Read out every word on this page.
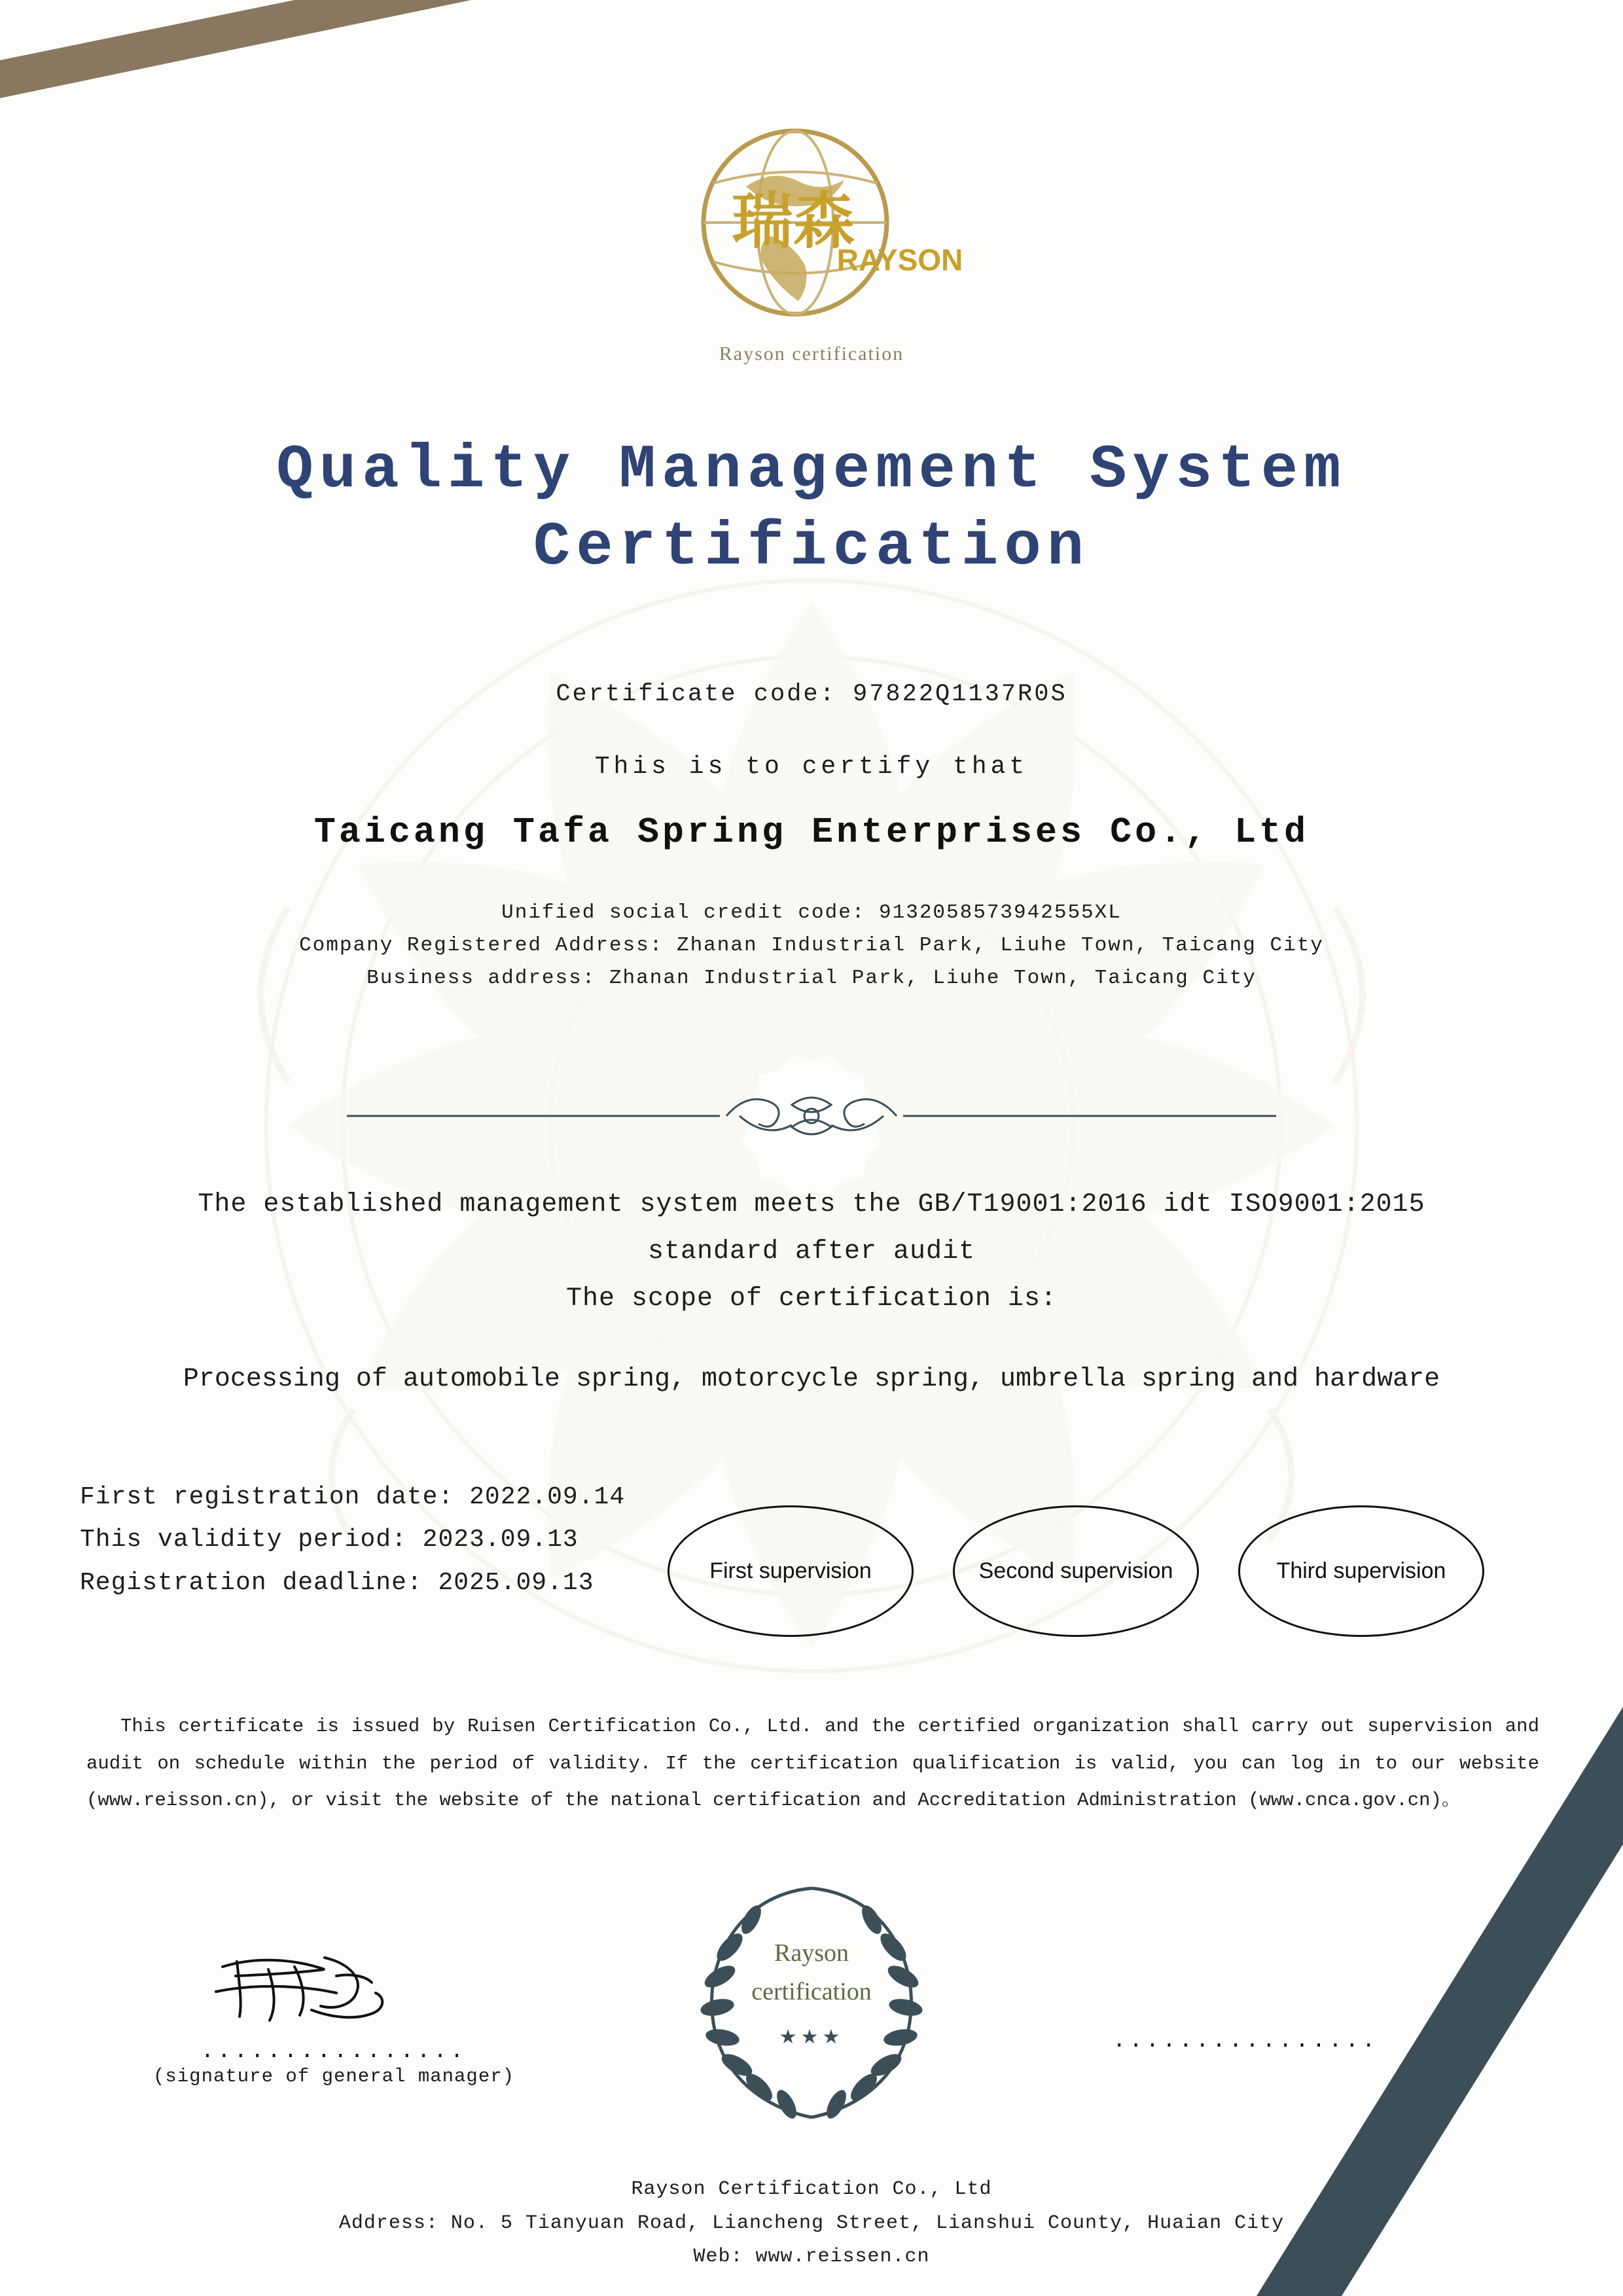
瑞森
RAYSON
Rayson certification
Quality Management System
Certification
Certificate code: 97822Q1137R0S
This is to certify that
Taicang Tafa Spring Enterprises Co., Ltd
Unified social credit code: 9132058573942555XL
Company Registered Address: Zhanan Industrial Park, Liuhe Town, Taicang City
Business address: Zhanan Industrial Park, Liuhe Town, Taicang City
The established management system meets the GB/T19001:2016 idt ISO9001:2015
standard after audit
The scope of certification is:
Processing of automobile spring, motorcycle spring, umbrella spring and hardware
First registration date: 2022.09.14
This validity period: 2023.09.13
Registration deadline: 2025.09.13	First supervision	Second supervision	Third supervision
This certificate is issued by Ruisen Certification Co., Ltd. and the certified organization shall carry out supervision and audit on schedule within the period of validity. If the certification qualification is valid, you can log in to our website (www.reisson.cn), or visit the website of the national certification and Accreditation Administration (www.cnca.gov.cn)。
Rayson
certification
★★★
................
(signature of general manager)
................
Rayson Certification Co., Ltd
Address: No. 5 Tianyuan Road, Liancheng Street, Lianshui County, Huaian City
Web: www.reissen.cn
